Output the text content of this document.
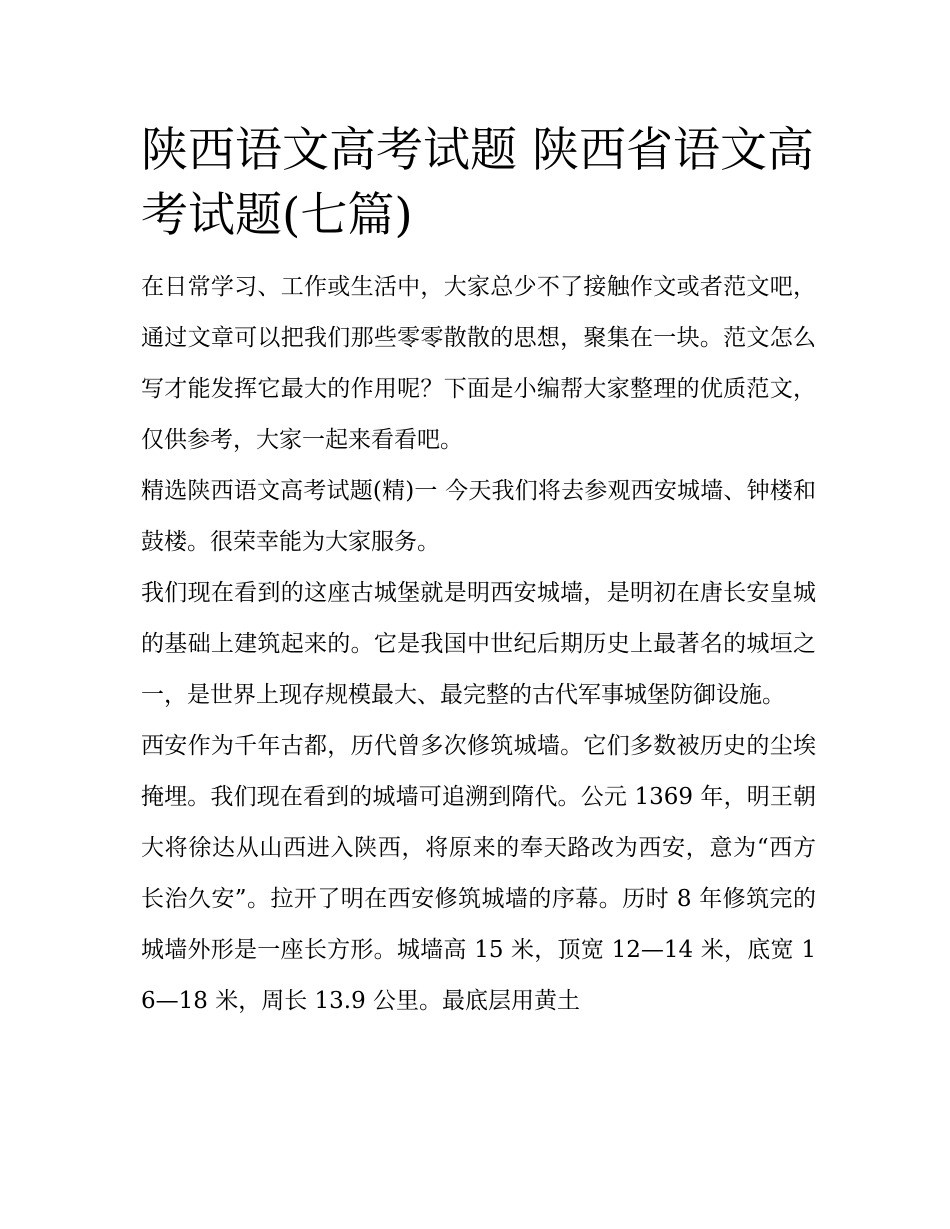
陕西语文高考试题 陕西省语文高考试题(七篇)

在日常学习、工作或生活中，大家总少不了接触作文或者范文吧，通过文章可以把我们那些零零散散的思想，聚集在一块。范文怎么写才能发挥它最大的作用呢？下面是小编帮大家整理的优质范文，仅供参考，大家一起来看看吧。

精选陕西语文高考试题(精)一 今天我们将去参观西安城墙、钟楼和鼓楼。很荣幸能为大家服务。

我们现在看到的这座古城堡就是明西安城墙，是明初在唐长安皇城的基础上建筑起来的。它是我国中世纪后期历史上最著名的城垣之一，是世界上现存规模最大、最完整的古代军事城堡防御设施。

西安作为千年古都，历代曾多次修筑城墙。它们多数被历史的尘埃掩埋。我们现在看到的城墙可追溯到隋代。公元 1369 年，明王朝大将徐达从山西进入陕西，将原来的奉天路改为西安，意为“西方长治久安”。拉开了明在西安修筑城墙的序幕。历时 8 年修筑完的城墙外形是一座长方形。城墙高 15 米，顶宽 12—14 米，底宽 16—18 米，周长 13.9 公里。最底层用黄土
